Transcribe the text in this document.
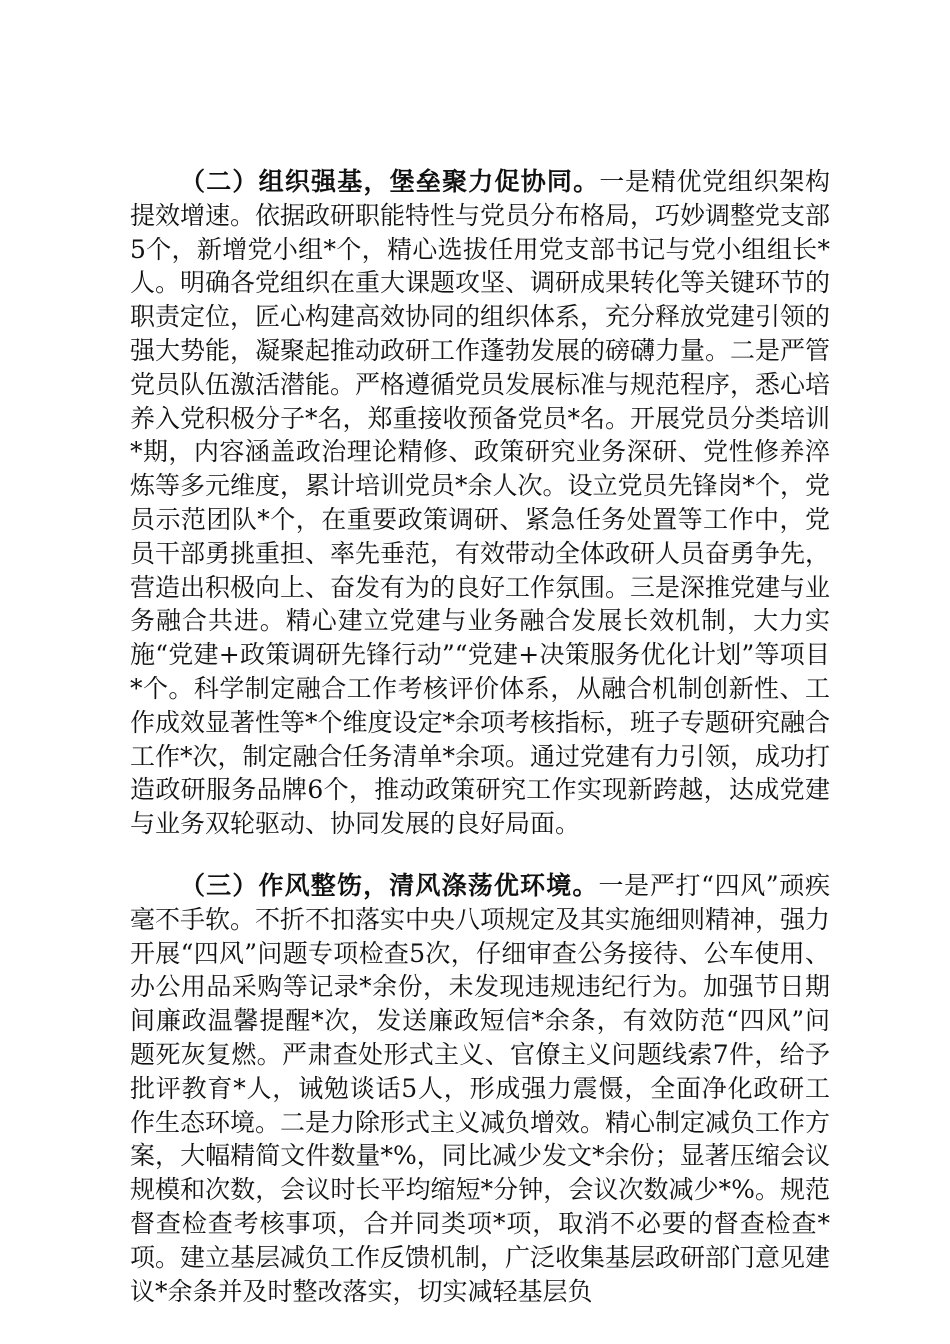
（二）组织强基，堡垒聚力促协同。一是精优党组织架构提效增速。依据政研职能特性与党员分布格局，巧妙调整党支部5个，新增党小组*个，精心选拔任用党支部书记与党小组组长*人。明确各党组织在重大课题攻坚、调研成果转化等关键环节的职责定位，匠心构建高效协同的组织体系，充分释放党建引领的强大势能，凝聚起推动政研工作蓬勃发展的磅礴力量。二是严管党员队伍激活潜能。严格遵循党员发展标准与规范程序，悉心培养入党积极分子*名，郑重接收预备党员*名。开展党员分类培训*期，内容涵盖政治理论精修、政策研究业务深研、党性修养淬炼等多元维度，累计培训党员*余人次。设立党员先锋岗*个，党员示范团队*个，在重要政策调研、紧急任务处置等工作中，党员干部勇挑重担、率先垂范，有效带动全体政研人员奋勇争先，营造出积极向上、奋发有为的良好工作氛围。三是深推党建与业务融合共进。精心建立党建与业务融合发展长效机制，大力实施“党建+政策调研先锋行动”“党建+决策服务优化计划”等项目*个。科学制定融合工作考核评价体系，从融合机制创新性、工作成效显著性等*个维度设定*余项考核指标，班子专题研究融合工作*次，制定融合任务清单*余项。通过党建有力引领，成功打造政研服务品牌6个，推动政策研究工作实现新跨越，达成党建与业务双轮驱动、协同发展的良好局面。

（三）作风整饬，清风涤荡优环境。一是严打“四风”顽疾毫不手软。不折不扣落实中央八项规定及其实施细则精神，强力开展“四风”问题专项检查5次，仔细审查公务接待、公车使用、办公用品采购等记录*余份，未发现违规违纪行为。加强节日期间廉政温馨提醒*次，发送廉政短信*余条，有效防范“四风”问题死灰复燃。严肃查处形式主义、官僚主义问题线索7件，给予批评教育*人，诫勉谈话5人，形成强力震慑，全面净化政研工作生态环境。二是力除形式主义减负增效。精心制定减负工作方案，大幅精简文件数量*%，同比减少发文*余份；显著压缩会议规模和次数，会议时长平均缩短*分钟，会议次数减少*%。规范督查检查考核事项，合并同类项*项，取消不必要的督查检查*项。建立基层减负工作反馈机制，广泛收集基层政研部门意见建议*余条并及时整改落实，切实减轻基层负
